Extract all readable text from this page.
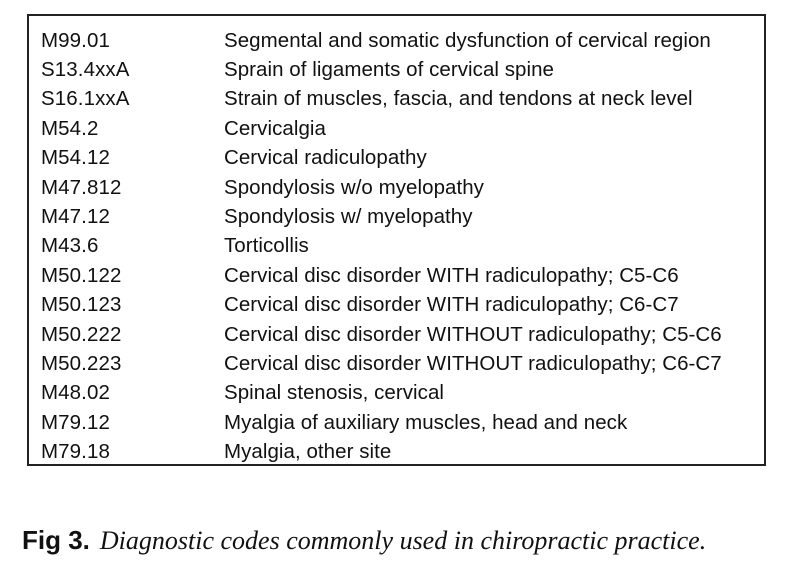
M99.01	Segmental and somatic dysfunction of cervical region
S13.4xxA	Sprain of ligaments of cervical spine
S16.1xxA	Strain of muscles, fascia, and tendons at neck level
M54.2	Cervicalgia
M54.12	Cervical radiculopathy
M47.812	Spondylosis w/o myelopathy
M47.12	Spondylosis w/ myelopathy
M43.6	Torticollis
M50.122	Cervical disc disorder WITH radiculopathy; C5-C6
M50.123	Cervical disc disorder WITH radiculopathy; C6-C7
M50.222	Cervical disc disorder WITHOUT radiculopathy; C5-C6
M50.223	Cervical disc disorder WITHOUT radiculopathy; C6-C7
M48.02	Spinal stenosis, cervical
M79.12	Myalgia of auxiliary muscles, head and neck
M79.18	Myalgia, other site
Fig 3. Diagnostic codes commonly used in chiropractic practice.
